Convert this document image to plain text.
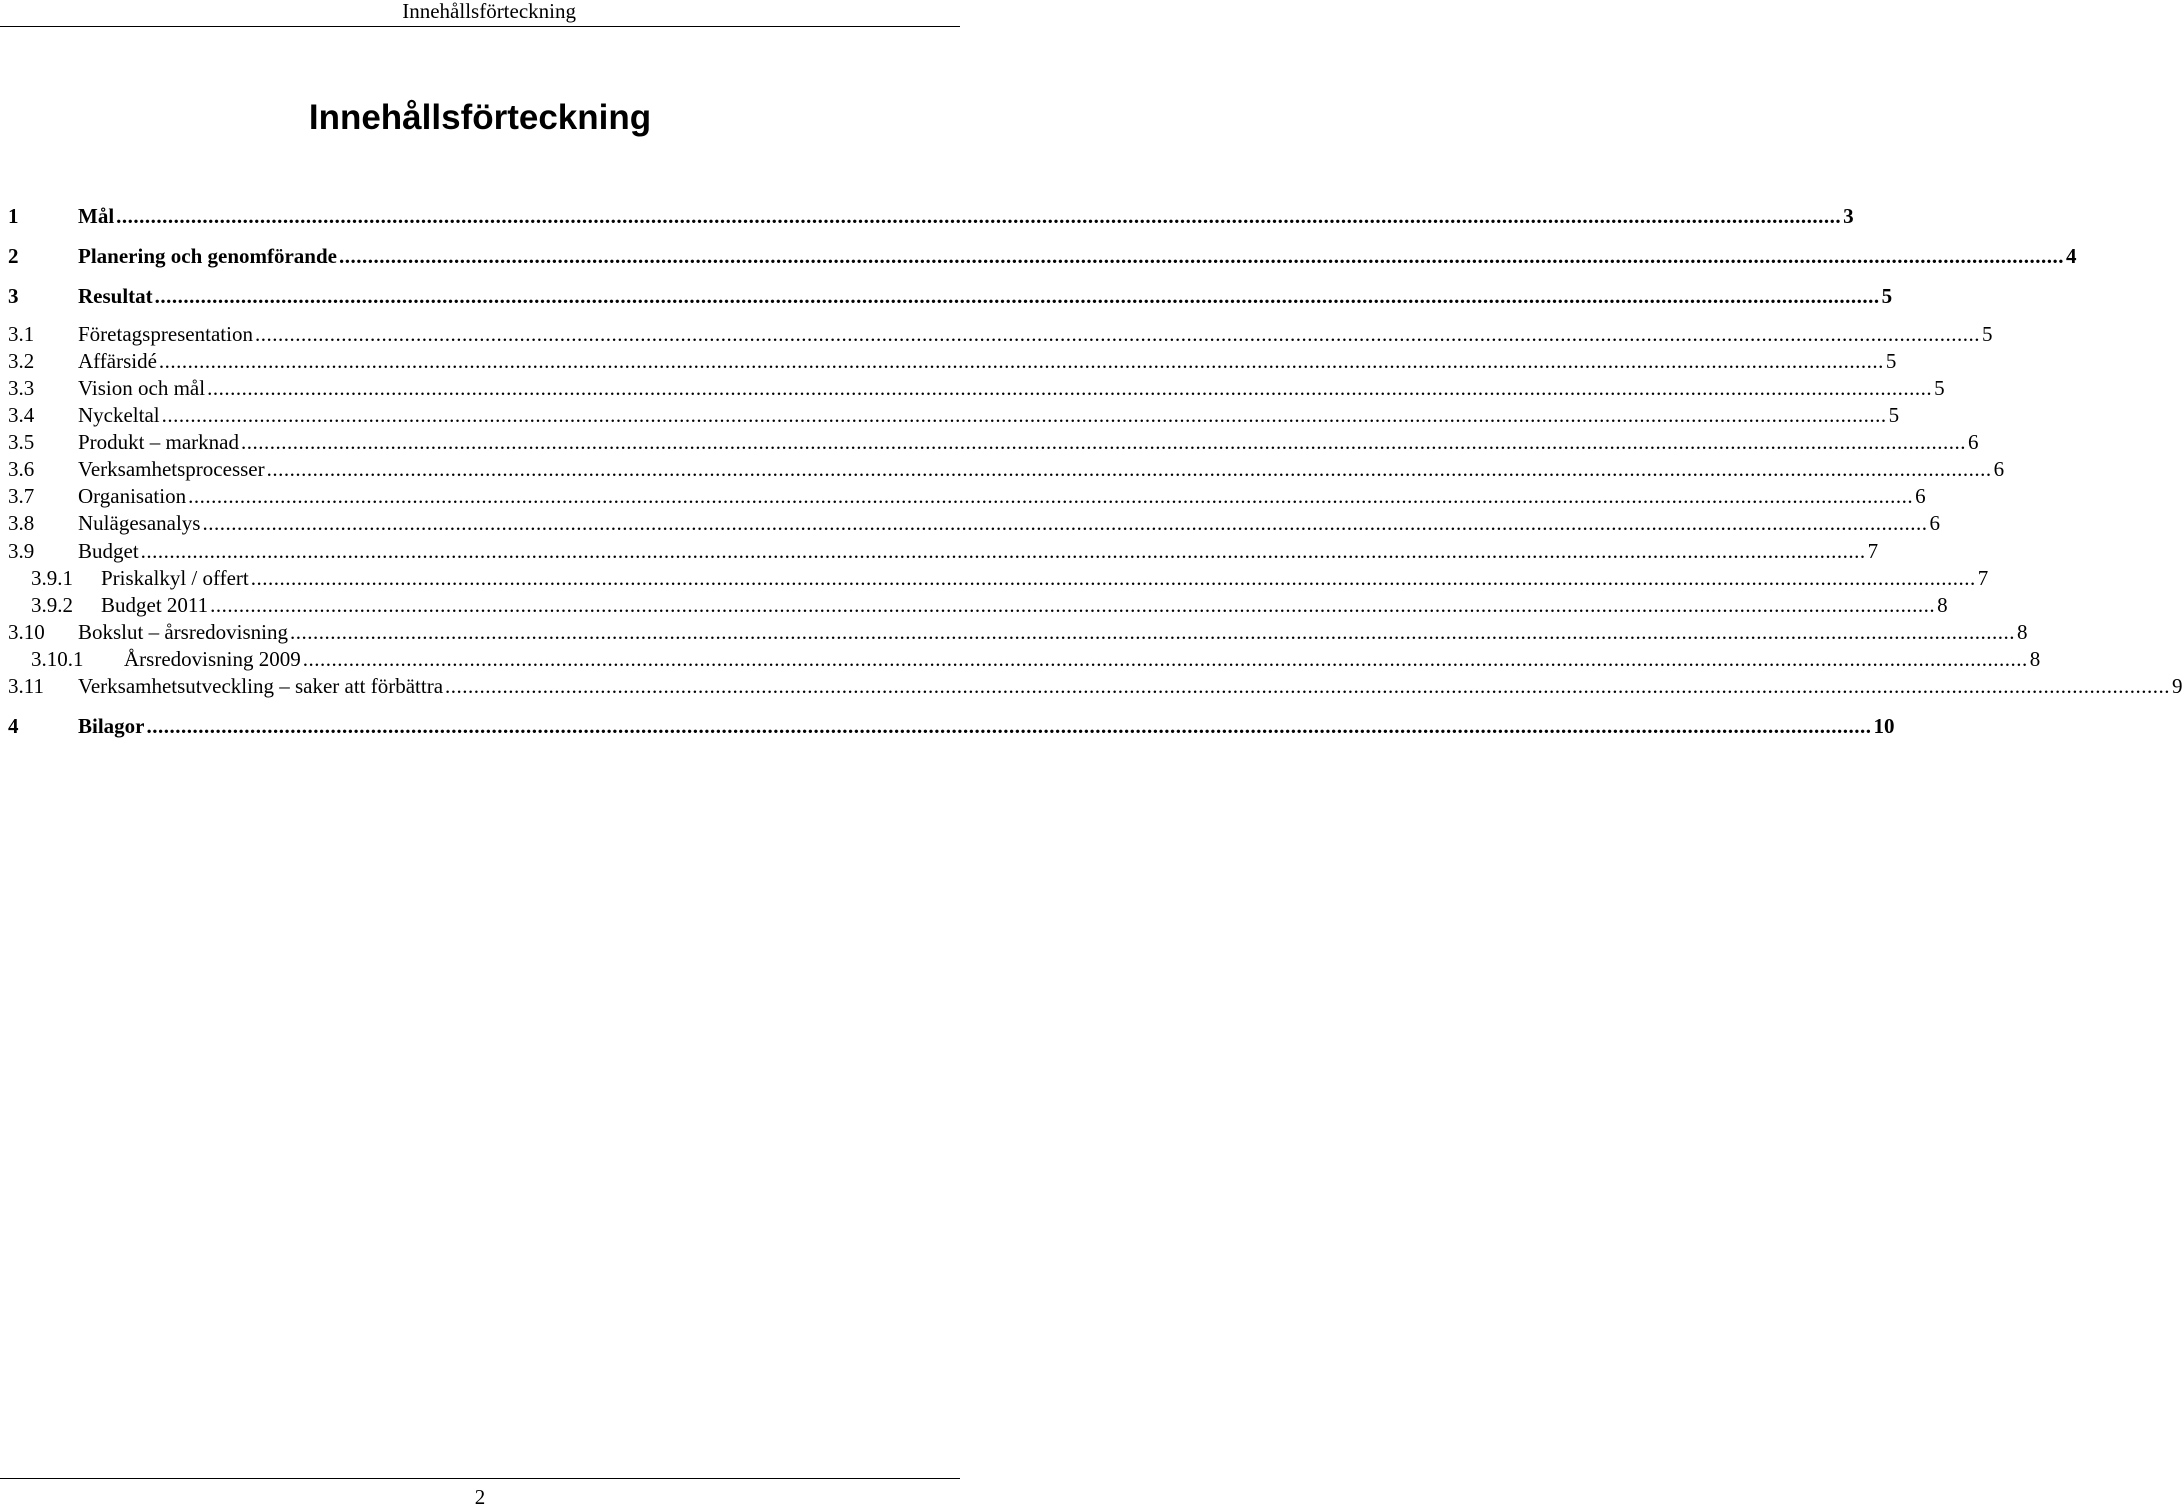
Innehållsförteckning
Innehållsförteckning
1	Mål ............................................................................................................................................................................................................................................................................................................ 3
2	Planering och genomförande ............................................................................................................................................................................................................................................................................................................ 4
3	Resultat ............................................................................................................................................................................................................................................................................................................ 5
3.1 Företagspresentation ............................................................................................................................................................................................................................................................................................................ 5
3.2 Affärsidé ............................................................................................................................................................................................................................................................................................................ 5
3.3 Vision och mål ............................................................................................................................................................................................................................................................................................................ 5
3.4 Nyckeltal ............................................................................................................................................................................................................................................................................................................ 5
3.5 Produkt – marknad ............................................................................................................................................................................................................................................................................................................ 6
3.6 Verksamhetsprocesser ............................................................................................................................................................................................................................................................................................................ 6
3.7 Organisation ............................................................................................................................................................................................................................................................................................................ 6
3.8 Nulägesanalys ............................................................................................................................................................................................................................................................................................................ 6
3.9 Budget ............................................................................................................................................................................................................................................................................................................ 7
3.9.1 Priskalkyl / offert ............................................................................................................................................................................................................................................................................................................ 7
3.9.2 Budget 2011 ............................................................................................................................................................................................................................................................................................................ 8
3.10 Bokslut – årsredovisning ............................................................................................................................................................................................................................................................................................................ 8
3.10.1 Årsredovisning 2009 ............................................................................................................................................................................................................................................................................................................ 8
3.11 Verksamhetsutveckling – saker att förbättra ............................................................................................................................................................................................................................................................................................................ 9
4	Bilagor ............................................................................................................................................................................................................................................................................................................ 10
2
